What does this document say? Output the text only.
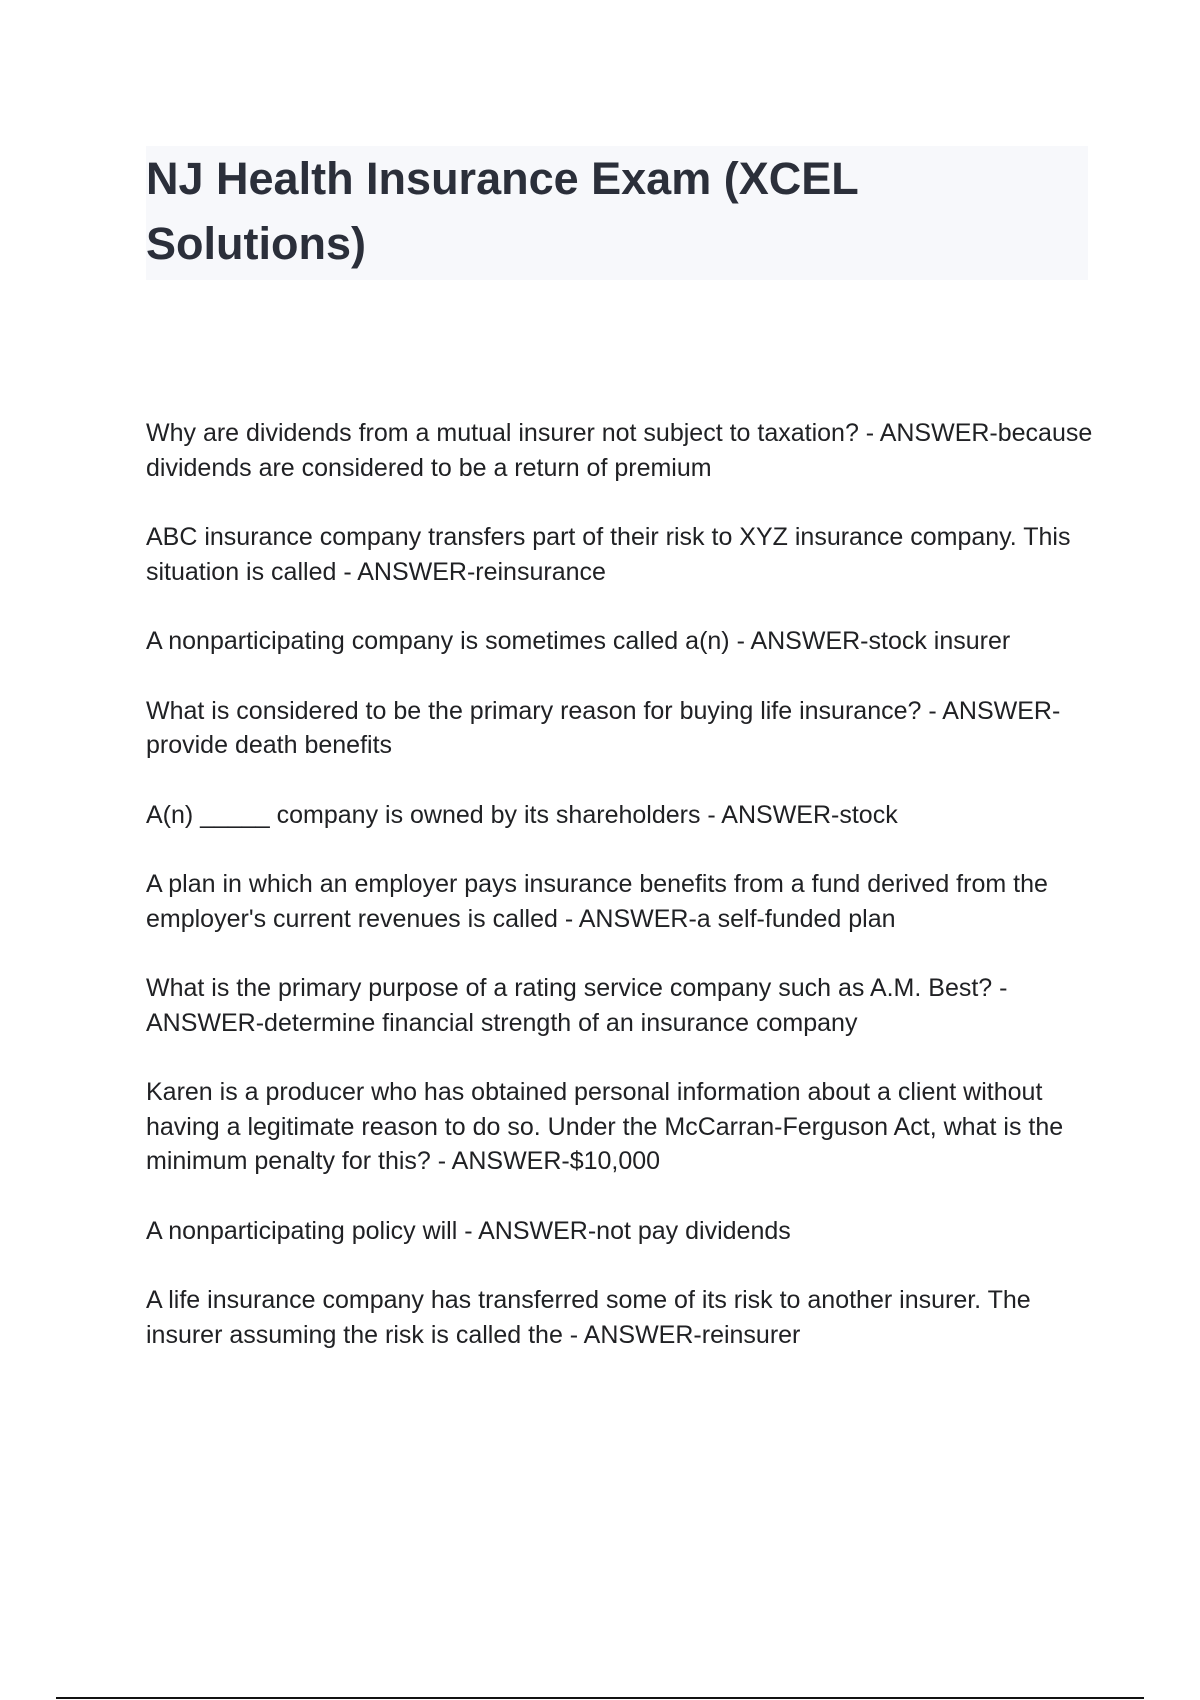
NJ Health Insurance Exam (XCEL Solutions)

Why are dividends from a mutual insurer not subject to taxation? - ANSWER-because dividends are considered to be a return of premium

ABC insurance company transfers part of their risk to XYZ insurance company. This situation is called - ANSWER-reinsurance

A nonparticipating company is sometimes called a(n) - ANSWER-stock insurer

What is considered to be the primary reason for buying life insurance? - ANSWER-provide death benefits

A(n) _____ company is owned by its shareholders - ANSWER-stock

A plan in which an employer pays insurance benefits from a fund derived from the employer's current revenues is called - ANSWER-a self-funded plan

What is the primary purpose of a rating service company such as A.M. Best? - ANSWER-determine financial strength of an insurance company

Karen is a producer who has obtained personal information about a client without having a legitimate reason to do so. Under the McCarran-Ferguson Act, what is the minimum penalty for this? - ANSWER-$10,000

A nonparticipating policy will - ANSWER-not pay dividends

A life insurance company has transferred some of its risk to another insurer. The insurer assuming the risk is called the - ANSWER-reinsurer
